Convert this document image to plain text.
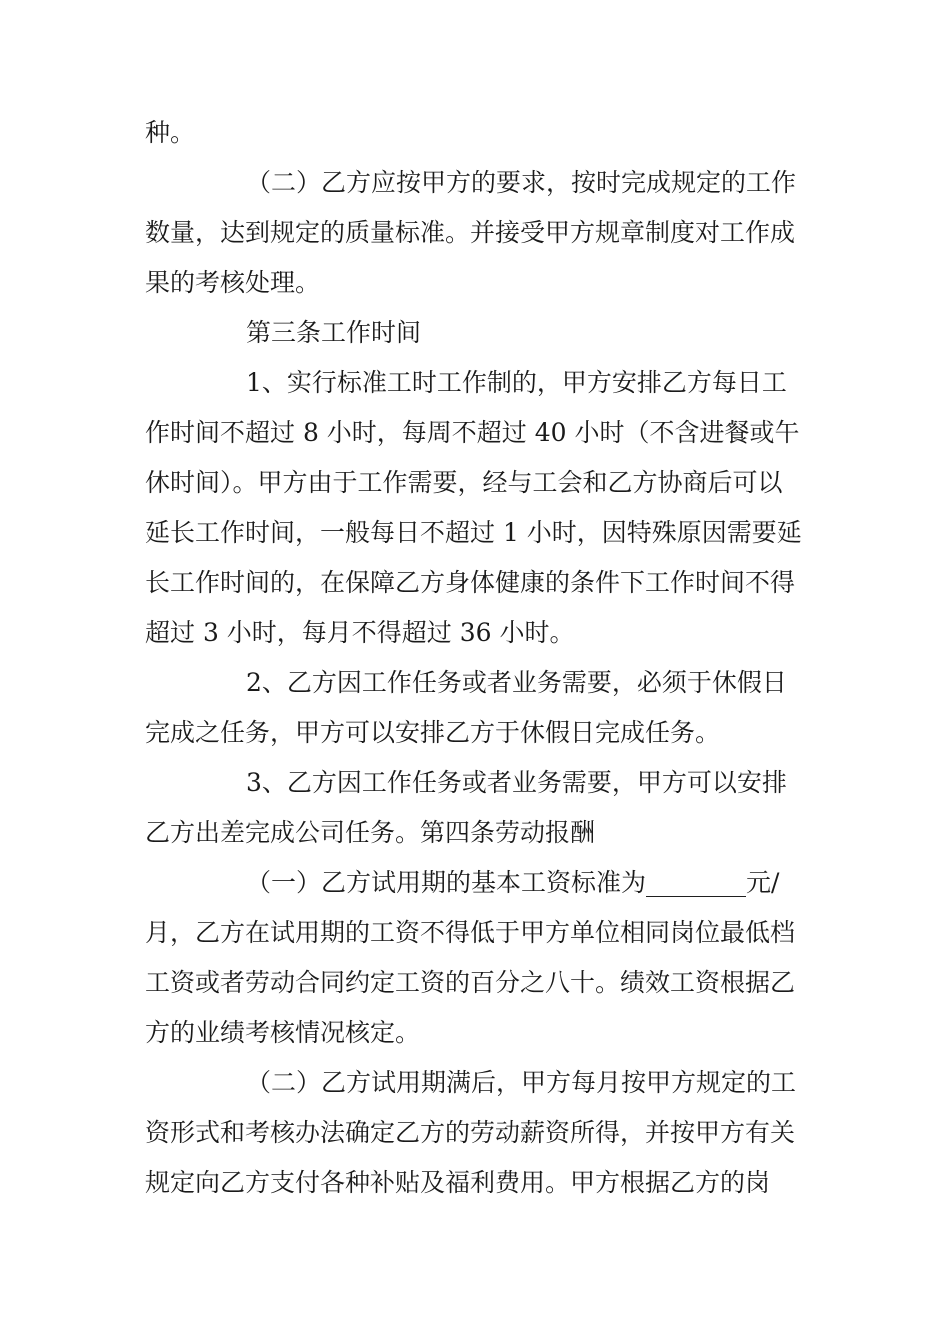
种。
（二）乙方应按甲方的要求，按时完成规定的工作
数量，达到规定的质量标准。并接受甲方规章制度对工作成
果的考核处理。
第三条工作时间
1、实行标准工时工作制的，甲方安排乙方每日工
作时间不超过 8 小时，每周不超过 40 小时（不含进餐或午
休时间）。甲方由于工作需要，经与工会和乙方协商后可以
延长工作时间，一般每日不超过 1 小时，因特殊原因需要延
长工作时间的，在保障乙方身体健康的条件下工作时间不得
超过 3 小时，每月不得超过 36 小时。
2、乙方因工作任务或者业务需要，必须于休假日
完成之任务，甲方可以安排乙方于休假日完成任务。
3、乙方因工作任务或者业务需要，甲方可以安排
乙方出差完成公司任务。第四条劳动报酬
（一）乙方试用期的基本工资标准为________元/
月，乙方在试用期的工资不得低于甲方单位相同岗位最低档
工资或者劳动合同约定工资的百分之八十。绩效工资根据乙
方的业绩考核情况核定。
（二）乙方试用期满后，甲方每月按甲方规定的工
资形式和考核办法确定乙方的劳动薪资所得，并按甲方有关
规定向乙方支付各种补贴及福利费用。甲方根据乙方的岗
